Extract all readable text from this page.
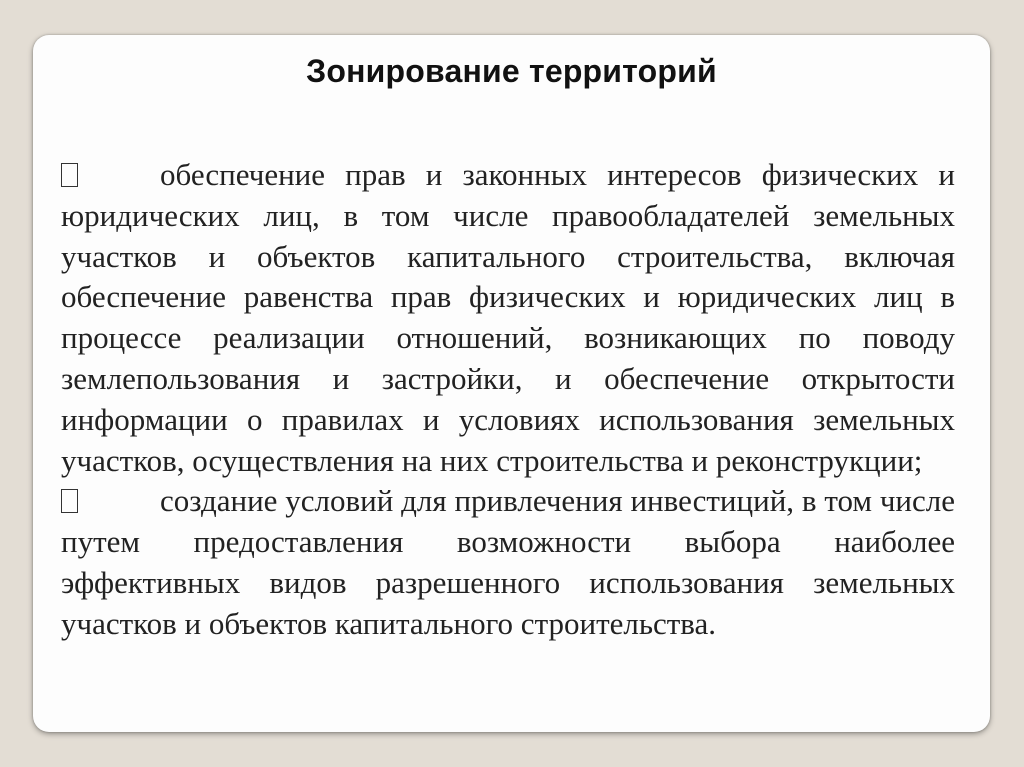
Зонирование территорий

обеспечение прав и законных интересов физических и юридических лиц, в том числе правообладателей земельных участков и объектов капитального строительства, включая обеспечение равенства прав физических и юридических лиц в процессе реализации отношений, возникающих по поводу землепользования и застройки, и обеспечение открытости информации о правилах и условиях использования земельных участков, осуществления на них строительства и реконструкции;

создание условий для привлечения инвестиций, в том числе путем предоставления возможности выбора наиболее эффективных видов разрешенного использования земельных участков и объектов капитального строительства.
